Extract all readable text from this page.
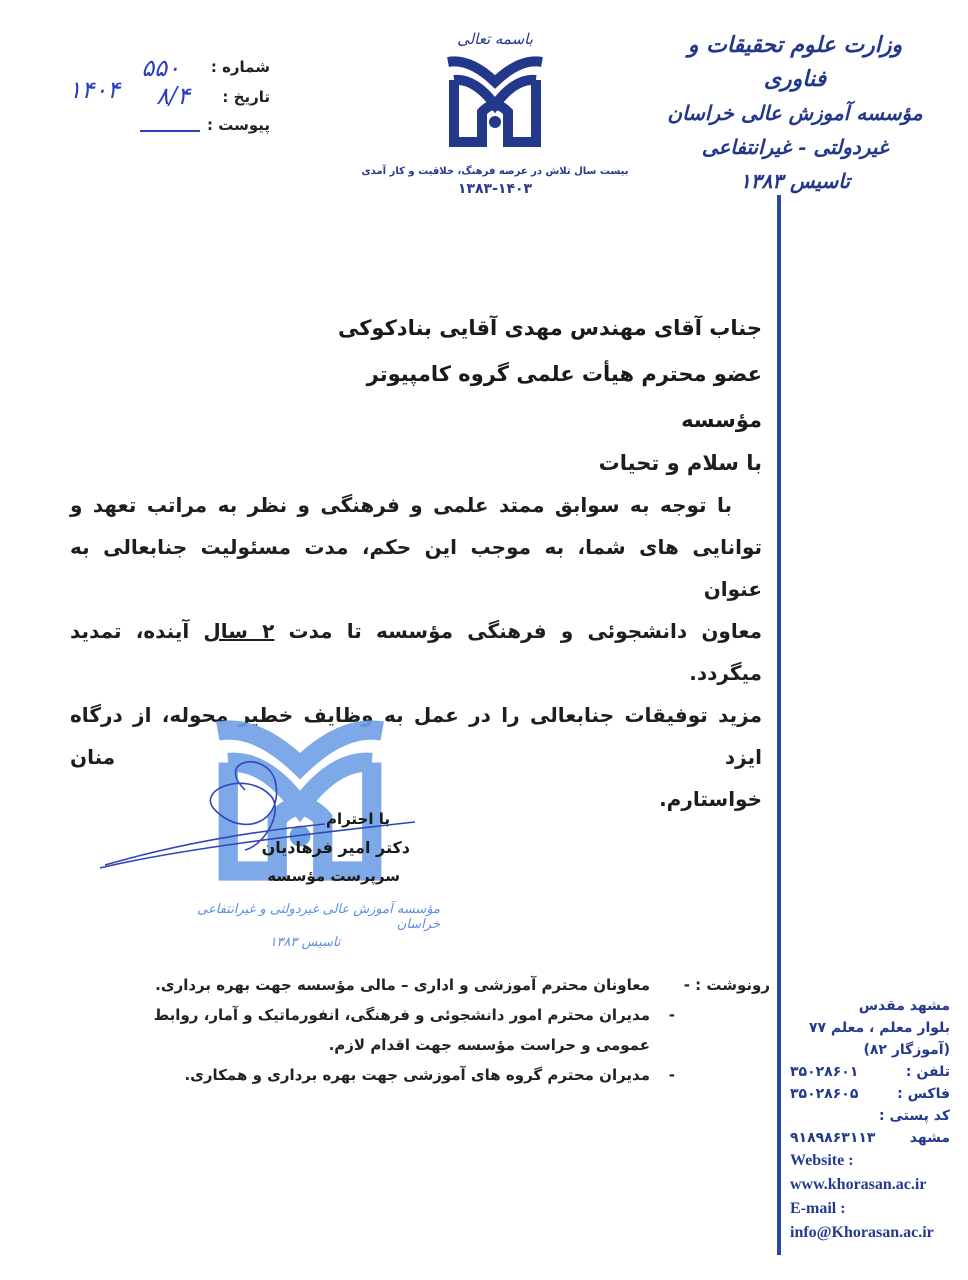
وزارت علوم تحقیقات و فناوری
مؤسسه آموزش عالی خراسان
غیردولتی - غیرانتفاعی
تاسیس ۱۳۸۳
باسمه تعالی
بیست سال تلاش در عرصه فرهنگ، خلاقیت و کار آمدی
۱۳۸۳-۱۴۰۳
شماره :
۵۵۰
تاریخ :
۸/۴
۱۴۰۴
پیوست :
جناب آقای مهندس مهدی آقایی بنادکوکی
عضو محترم هیأت علمی گروه کامپیوتر مؤسسه
با سلام و تحیات
با توجه به سوابق ممتد علمی و فرهنگی و نظر به مراتب تعهد و
توانایی های شما، به موجب این حکم، مدت مسئولیت جنابعالی به عنوان
معاون دانشجوئی و فرهنگی مؤسسه تا مدت ۲ سال آینده، تمدید میگردد.
مزید توفیقات جنابعالی را در عمل به وظایف خطیر محوله، از درگاه ایزد منان
خواستارم.
با احترام
دکتر امیر فرهادیان
سرپرست مؤسسه
مؤسسه آموزش عالی غیردولتی و غیرانتفاعی خراسان
تاسیس ۱۳۸۳
رونوشت : -
معاونان محترم آموزشی و اداری – مالی مؤسسه جهت بهره برداری.
-
مدیران محترم امور دانشجوئی و فرهنگی، انفورماتیک و آمار، روابط
عمومی و حراست مؤسسه جهت اقدام لازم.
-
مدیران محترم گروه های آموزشی جهت بهره برداری و همکاری.
مشهد مقدس
بلوار معلم ، معلم ۷۷
(آموزگار ۸۲)
تلفن :
۳۵۰۲۸۶۰۱
فاکس :
۳۵۰۲۸۶۰۵
کد پستی :
مشهد
۹۱۸۹۸۶۳۱۱۳
Website :
www.khorasan.ac.ir
E-mail :
info@Khorasan.ac.ir
